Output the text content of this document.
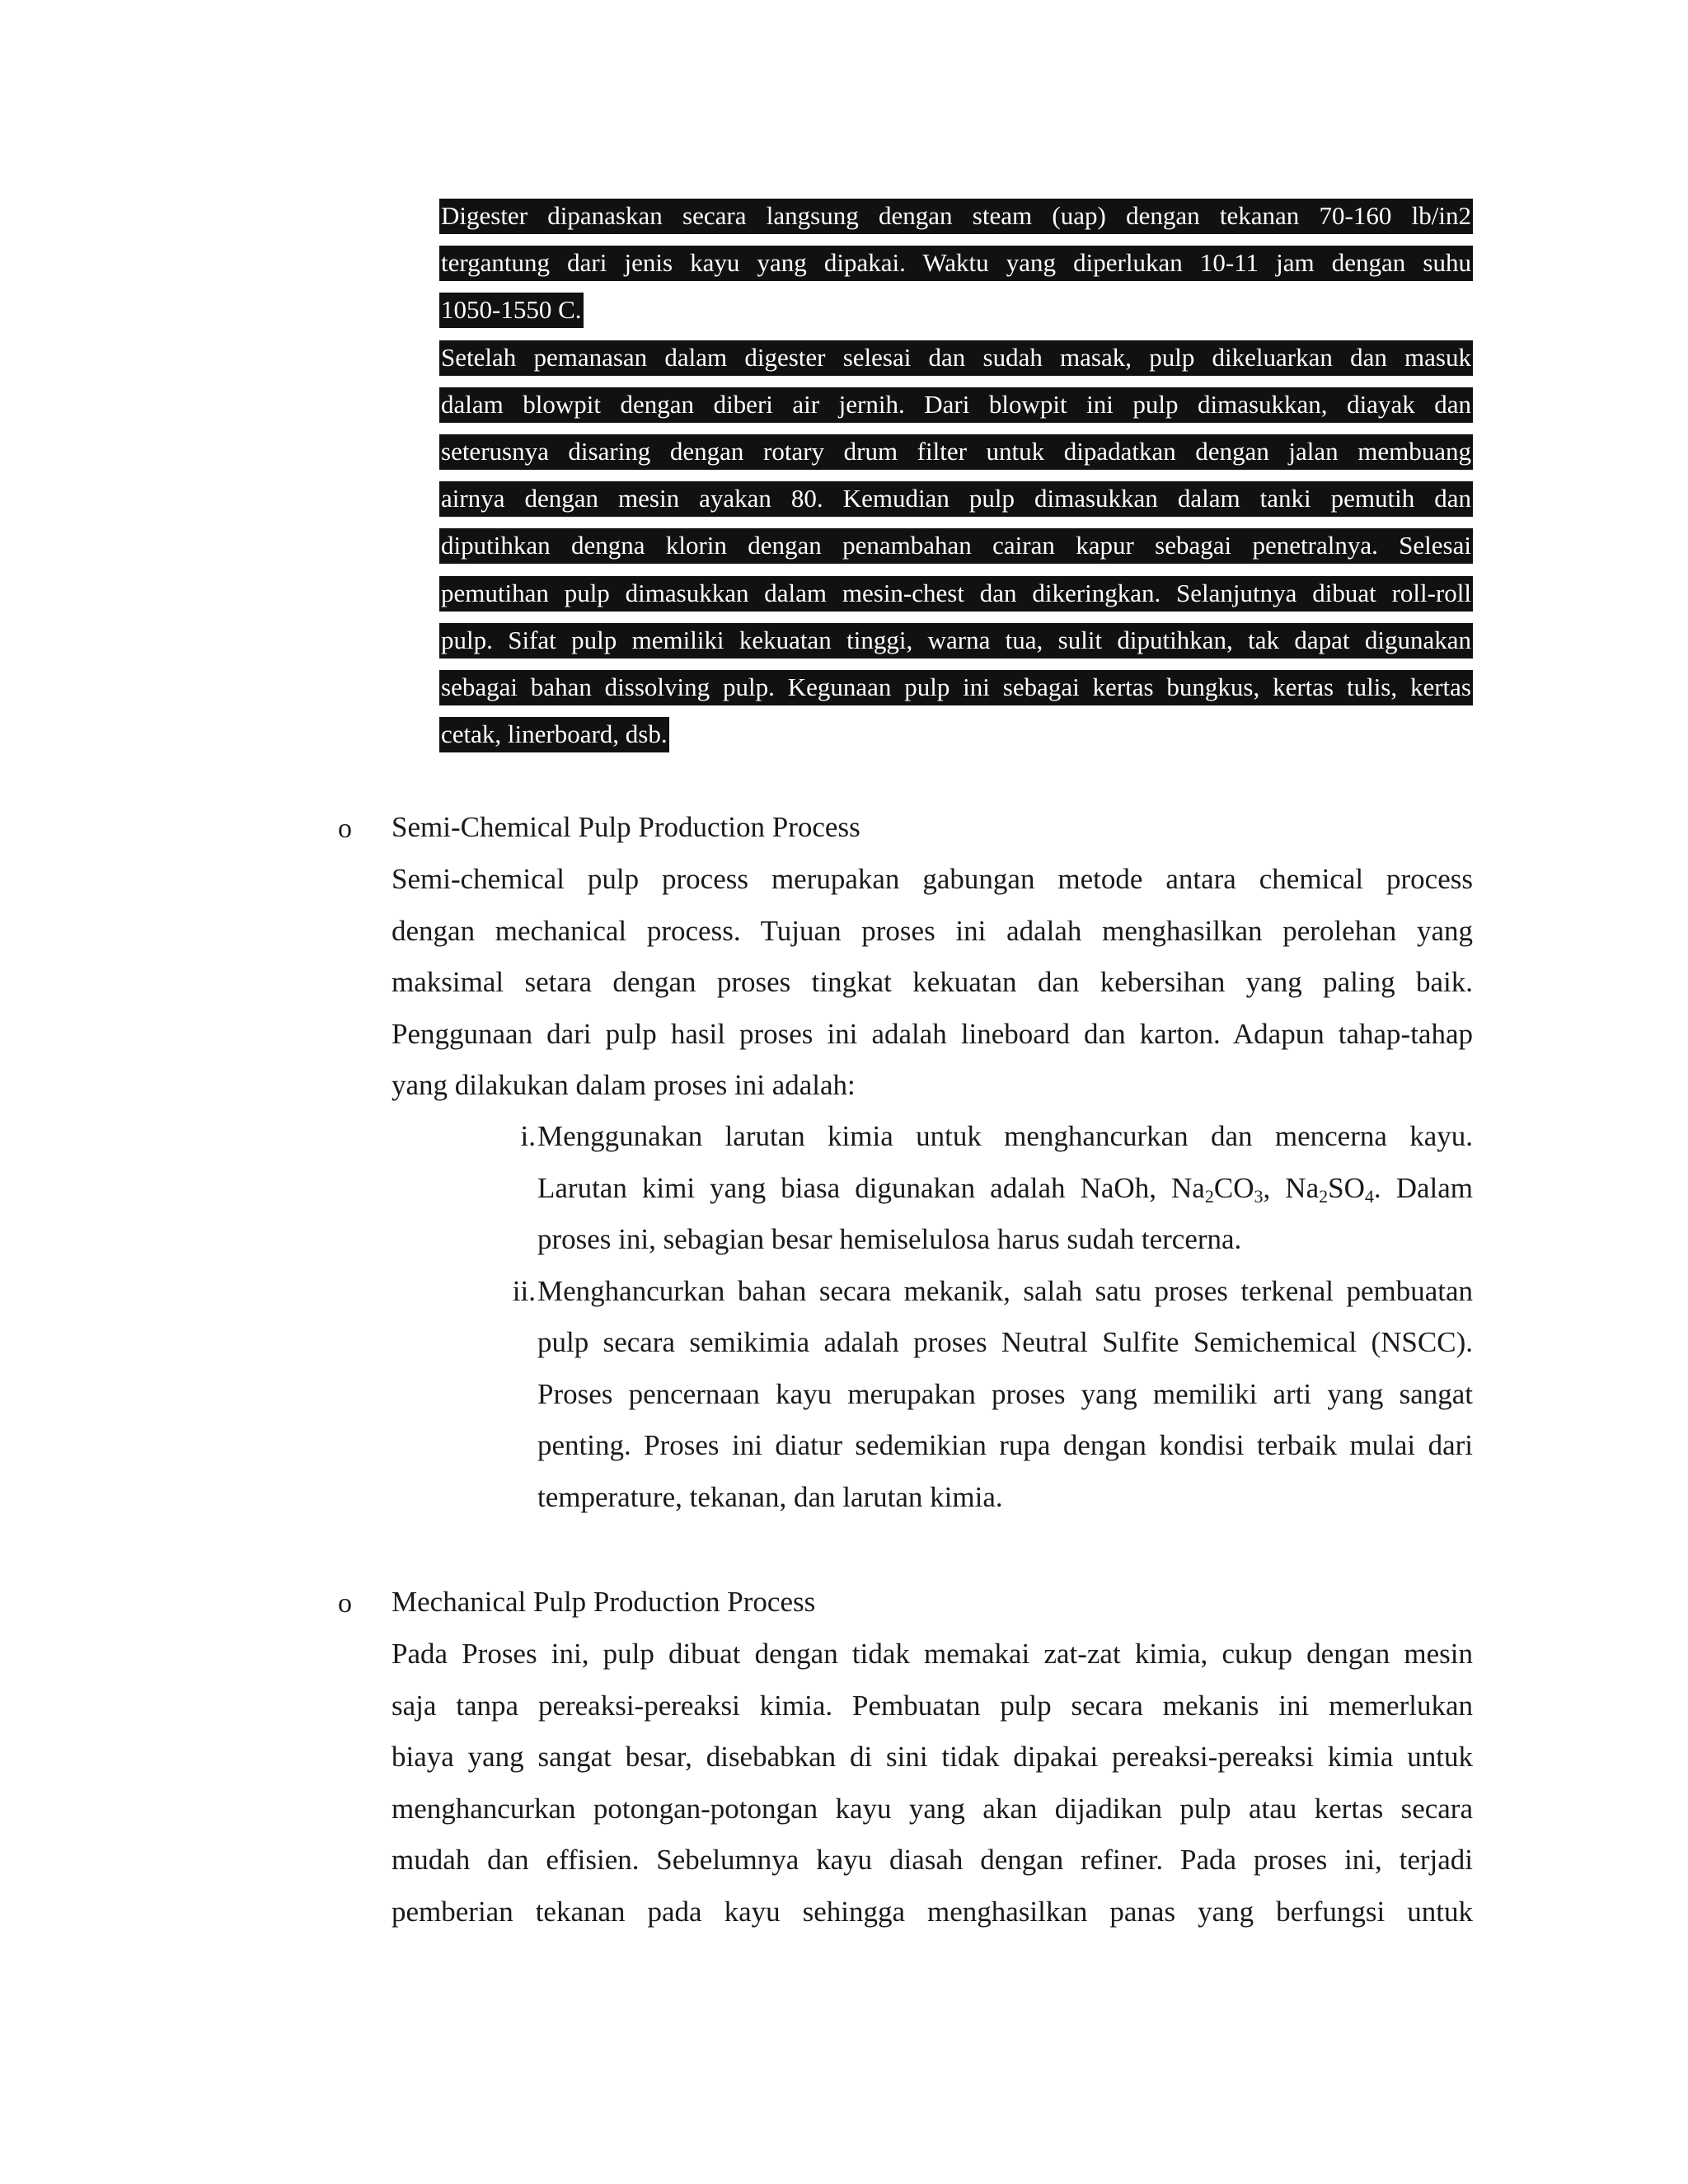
Digester dipanaskan secara langsung dengan steam (uap) dengan tekanan 70-160 lb/in2
tergantung dari jenis kayu yang dipakai. Waktu yang diperlukan 10-11 jam dengan suhu
1050-1550 C.
Setelah pemanasan dalam digester selesai dan sudah masak, pulp dikeluarkan dan masuk
dalam blowpit dengan diberi air jernih. Dari blowpit ini pulp dimasukkan, diayak dan
seterusnya disaring dengan rotary drum filter untuk dipadatkan dengan jalan membuang
airnya dengan mesin ayakan 80. Kemudian pulp dimasukkan dalam tanki pemutih dan
diputihkan dengna klorin dengan penambahan cairan kapur sebagai penetralnya. Selesai
pemutihan pulp dimasukkan dalam mesin-chest dan dikeringkan. Selanjutnya dibuat roll-roll
pulp. Sifat pulp memiliki kekuatan tinggi, warna tua, sulit diputihkan, tak dapat digunakan
sebagai bahan dissolving pulp. Kegunaan pulp ini sebagai kertas bungkus, kertas tulis, kertas
cetak, linerboard, dsb.
o Semi-Chemical Pulp Production Process
Semi-chemical pulp process merupakan gabungan metode antara chemical process
dengan mechanical process. Tujuan proses ini adalah menghasilkan perolehan yang
maksimal setara dengan proses tingkat kekuatan dan kebersihan yang paling baik.
Penggunaan dari pulp hasil proses ini adalah lineboard dan karton. Adapun tahap-tahap
yang dilakukan dalam proses ini adalah:
i. Menggunakan larutan kimia untuk menghancurkan dan mencerna kayu.
Larutan kimi yang biasa digunakan adalah NaOh, $Na_2CO_3$, $Na_2SO_4$. Dalam
proses ini, sebagian besar hemiselulosa harus sudah tercerna.
ii. Menghancurkan bahan secara mekanik, salah satu proses terkenal pembuatan
pulp secara semikimia adalah proses Neutral Sulfite Semichemical (NSCC).
Proses pencernaan kayu merupakan proses yang memiliki arti yang sangat
penting. Proses ini diatur sedemikian rupa dengan kondisi terbaik mulai dari
temperature, tekanan, dan larutan kimia.
o Mechanical Pulp Production Process
Pada Proses ini, pulp dibuat dengan tidak memakai zat-zat kimia, cukup dengan mesin
saja tanpa pereaksi-pereaksi kimia. Pembuatan pulp secara mekanis ini memerlukan
biaya yang sangat besar, disebabkan di sini tidak dipakai pereaksi-pereaksi kimia untuk
menghancurkan potongan-potongan kayu yang akan dijadikan pulp atau kertas secara
mudah dan effisien. Sebelumnya kayu diasah dengan refiner. Pada proses ini, terjadi
pemberian tekanan pada kayu sehingga menghasilkan panas yang berfungsi untuk
